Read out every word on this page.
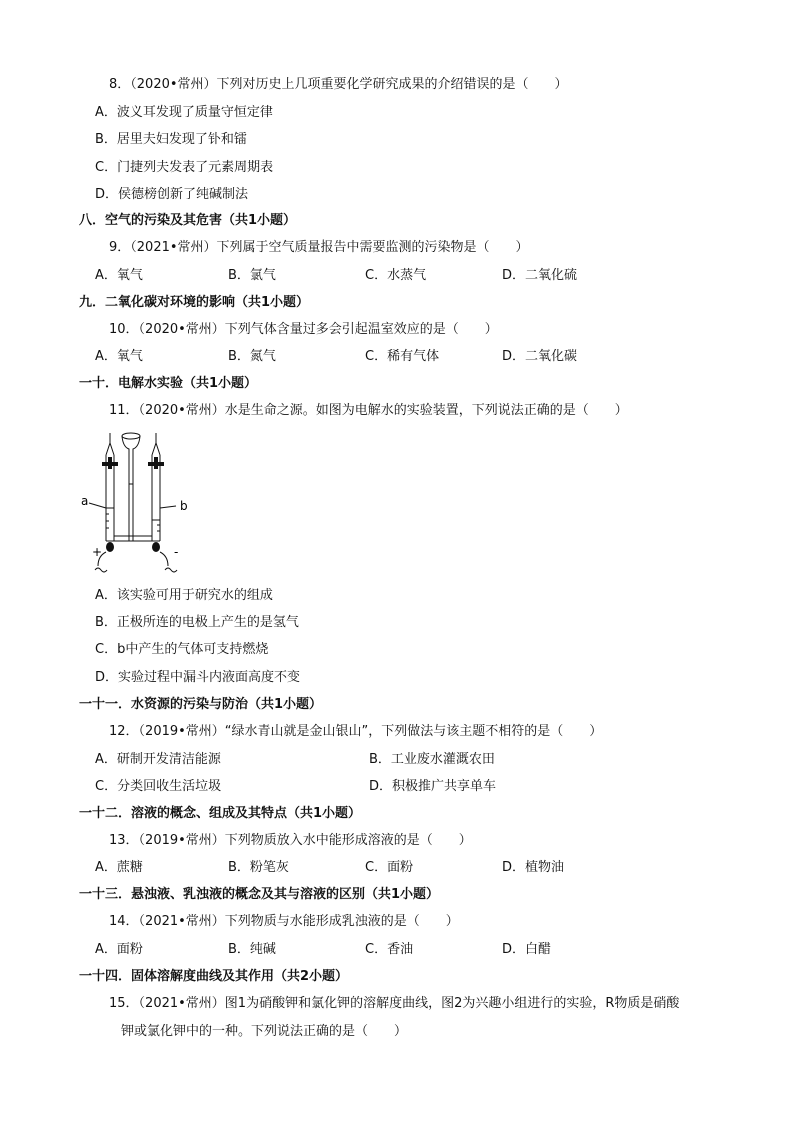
8．（2020•常州）下列对历史上几项重要化学研究成果的介绍错误的是（　　）
A．波义耳发现了质量守恒定律
B．居里夫妇发现了钋和镭
C．门捷列夫发表了元素周期表
D．侯德榜创新了纯碱制法
八．空气的污染及其危害（共1小题）
9．（2021•常州）下列属于空气质量报告中需要监测的污染物是（　　）
A．氧气	B．氯气	C．水蒸气	D．二氧化硫
九．二氧化碳对环境的影响（共1小题）
10．（2020•常州）下列气体含量过多会引起温室效应的是（　　）
A．氧气	B．氮气	C．稀有气体	D．二氧化碳
一十．电解水实验（共1小题）
11．（2020•常州）水是生命之源。如图为电解水的实验装置，下列说法正确的是（　　）
a	b
+	-
A．该实验可用于研究水的组成
B．正极所连的电极上产生的是氢气
C．b中产生的气体可支持燃烧
D．实验过程中漏斗内液面高度不变
一十一．水资源的污染与防治（共1小题）
12．（2019•常州）“绿水青山就是金山银山”，下列做法与该主题不相符的是（　　）
A．研制开发清洁能源	B．工业废水灌溉农田
C．分类回收生活垃圾	D．积极推广共享单车
一十二．溶液的概念、组成及其特点（共1小题）
13．（2019•常州）下列物质放入水中能形成溶液的是（　　）
A．蔗糖	B．粉笔灰	C．面粉	D．植物油
一十三．悬浊液、乳浊液的概念及其与溶液的区别（共1小题）
14．（2021•常州）下列物质与水能形成乳浊液的是（　　）
A．面粉	B．纯碱	C．香油	D．白醋
一十四．固体溶解度曲线及其作用（共2小题）
15．（2021•常州）图1为硝酸钾和氯化钾的溶解度曲线，图2为兴趣小组进行的实验，R物质是硝酸
钾或氯化钾中的一种。下列说法正确的是（　　）
